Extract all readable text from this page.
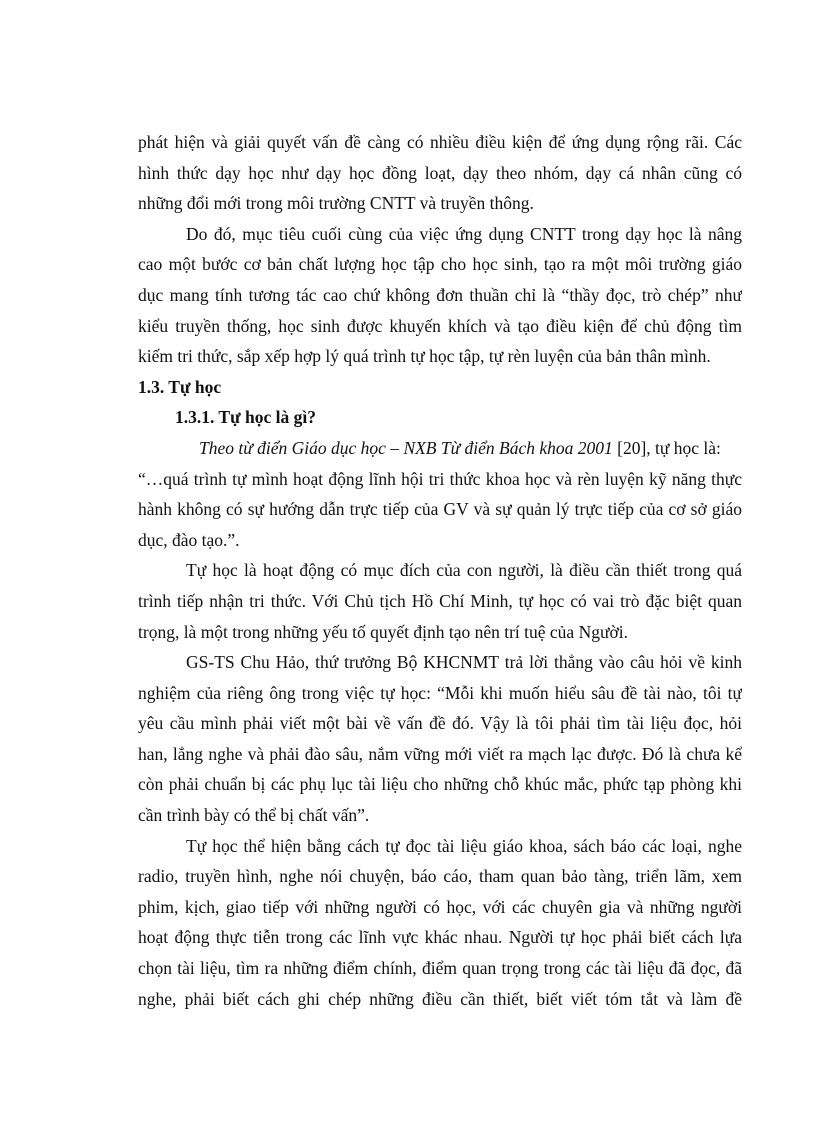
phát hiện và giải quyết vấn đề càng có nhiều điều kiện để ứng dụng rộng rãi. Các

hình thức dạy học như dạy học đồng loạt, dạy theo nhóm, dạy cá nhân cũng có

những đổi mới trong môi trường CNTT và truyền thông.

Do đó, mục tiêu cuối cùng của việc ứng dụng CNTT trong dạy học là nâng

cao một bước cơ bản chất lượng học tập cho học sinh, tạo ra một môi trường giáo

dục mang tính tương tác cao chứ không đơn thuần chỉ là “thầy đọc, trò chép” như

kiểu truyền thống, học sinh được khuyến khích và tạo điều kiện để chủ động tìm

kiếm tri thức, sắp xếp hợp lý quá trình tự học tập, tự rèn luyện của bản thân mình.

1.3. Tự học

1.3.1. Tự học là gì?

Theo từ điển Giáo dục học – NXB Từ điển Bách khoa 2001 [20], tự học là:

“…quá trình tự mình hoạt động lĩnh hội tri thức khoa học và rèn luyện kỹ năng thực

hành không có sự hướng dẫn trực tiếp của GV và sự quản lý trực tiếp của cơ sở giáo

dục, đào tạo.”.

Tự học là hoạt động có mục đích của con người, là điều cần thiết trong quá

trình tiếp nhận tri thức. Với Chủ tịch Hồ Chí Minh, tự học có vai trò đặc biệt quan

trọng, là một trong những yếu tố quyết định tạo nên trí tuệ của Người.

GS-TS Chu Hảo, thứ trưởng Bộ KHCNMT trả lời thẳng vào câu hỏi về kinh

nghiệm của riêng ông trong việc tự học: “Mỗi khi muốn hiểu sâu đề tài nào, tôi tự

yêu cầu mình phải viết một bài về vấn đề đó. Vậy là tôi phải tìm tài liệu đọc, hỏi

han, lắng nghe và phải đào sâu, nắm vững mới viết ra mạch lạc được. Đó là chưa kể

còn phải chuẩn bị các phụ lục tài liệu cho những chỗ khúc mắc, phức tạp phòng khi

cần trình bày có thể bị chất vấn”.

Tự học thể hiện bằng cách tự đọc tài liệu giáo khoa, sách báo các loại, nghe

radio, truyền hình, nghe nói chuyện, báo cáo, tham quan bảo tàng, triển lãm, xem

phim, kịch, giao tiếp với những người có học, với các chuyên gia và những người

hoạt động thực tiễn trong các lĩnh vực khác nhau. Người tự học phải biết cách lựa

chọn tài liệu, tìm ra những điểm chính, điểm quan trọng trong các tài liệu đã đọc, đã

nghe, phải biết cách ghi chép những điều cần thiết, biết viết tóm tắt và làm đề
